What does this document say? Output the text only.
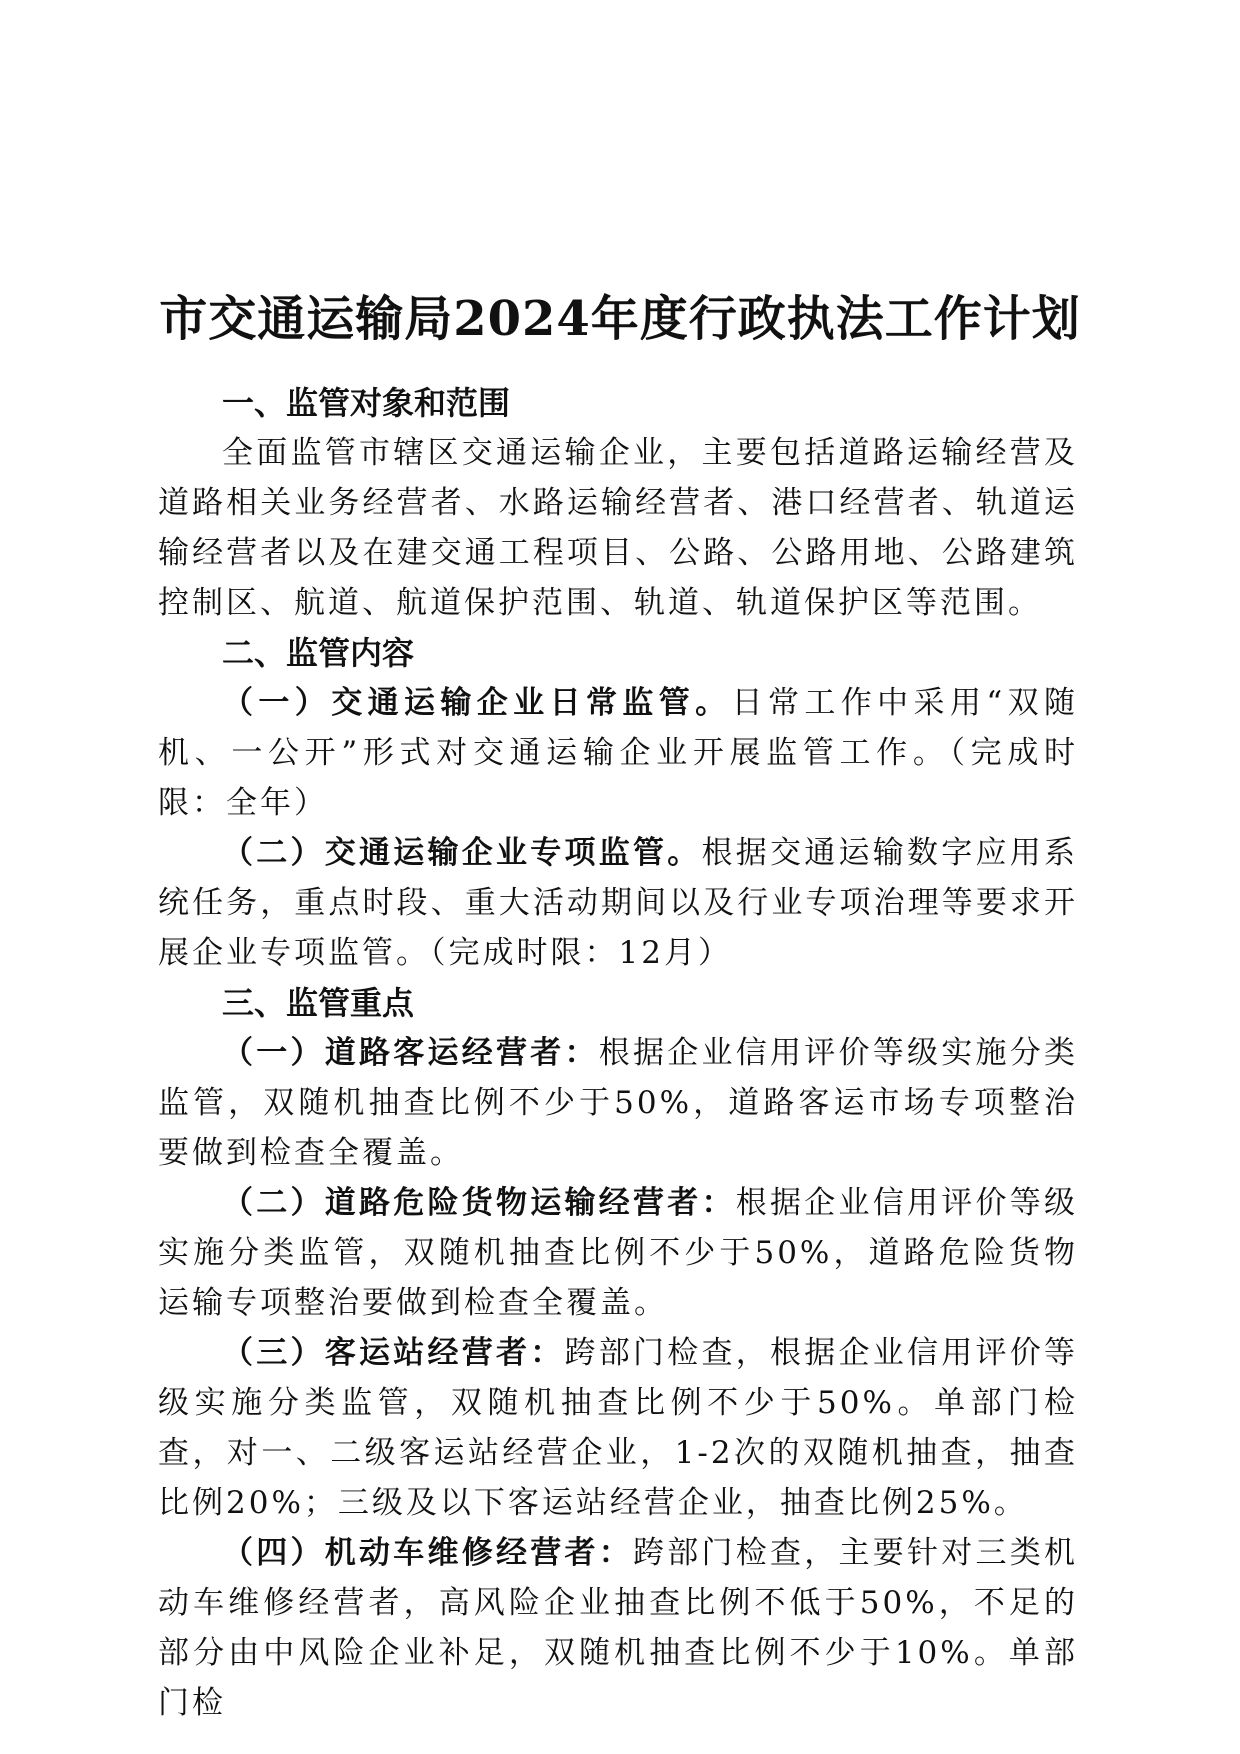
市交通运输局2024年度行政执法工作计划
一、监管对象和范围

全面监管市辖区交通运输企业，主要包括道路运输经营及道路相关业务经营者、水路运输经营者、港口经营者、轨道运输经营者以及在建交通工程项目、公路、公路用地、公路建筑控制区、航道、航道保护范围、轨道、轨道保护区等范围。

二、监管内容

（一）交通运输企业日常监管。日常工作中采用“双随机、一公开”形式对交通运输企业开展监管工作。（完成时限：全年）

（二）交通运输企业专项监管。根据交通运输数字应用系统任务，重点时段、重大活动期间以及行业专项治理等要求开展企业专项监管。（完成时限：12月）

三、监管重点

（一）道路客运经营者：根据企业信用评价等级实施分类监管，双随机抽查比例不少于50%，道路客运市场专项整治要做到检查全覆盖。

（二）道路危险货物运输经营者：根据企业信用评价等级实施分类监管，双随机抽查比例不少于50%，道路危险货物运输专项整治要做到检查全覆盖。

（三）客运站经营者：跨部门检查，根据企业信用评价等级实施分类监管，双随机抽查比例不少于50%。单部门检查，对一、二级客运站经营企业，1-2次的双随机抽查，抽查比例20%；三级及以下客运站经营企业，抽查比例25%。

（四）机动车维修经营者：跨部门检查，主要针对三类机动车维修经营者，高风险企业抽查比例不低于50%，不足的部分由中风险企业补足，双随机抽查比例不少于10%。单部门检
